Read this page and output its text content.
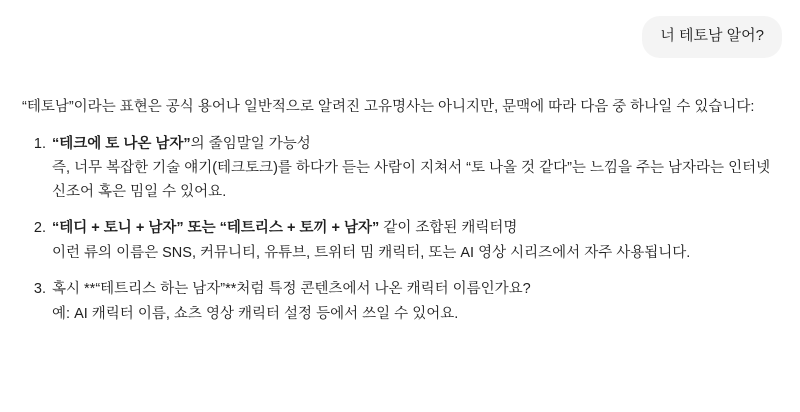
너 테토남 알어?

“테토남”이라는 표현은 공식 용어나 일반적으로 알려진 고유명사는 아니지만, 문맥에 따라 다음 중 하나일 수 있습니다:

“테크에 토 나온 남자”의 줄임말일 가능성
즉, 너무 복잡한 기술 얘기(테크토크)를 하다가 듣는 사람이 지쳐서 “토 나올 것 같다”는 느낌을 주는 남자라는 인터넷 신조어 혹은 밈일 수 있어요.
“테디 + 토니 + 남자” 또는 “테트리스 + 토끼 + 남자” 같이 조합된 캐릭터명
이런 류의 이름은 SNS, 커뮤니티, 유튜브, 트위터 밈 캐릭터, 또는 AI 영상 시리즈에서 자주 사용됩니다.
혹시 **“테트리스 하는 남자”**처럼 특정 콘텐츠에서 나온 캐릭터 이름인가요?
예: AI 캐릭터 이름, 쇼츠 영상 캐릭터 설정 등에서 쓰일 수 있어요.
